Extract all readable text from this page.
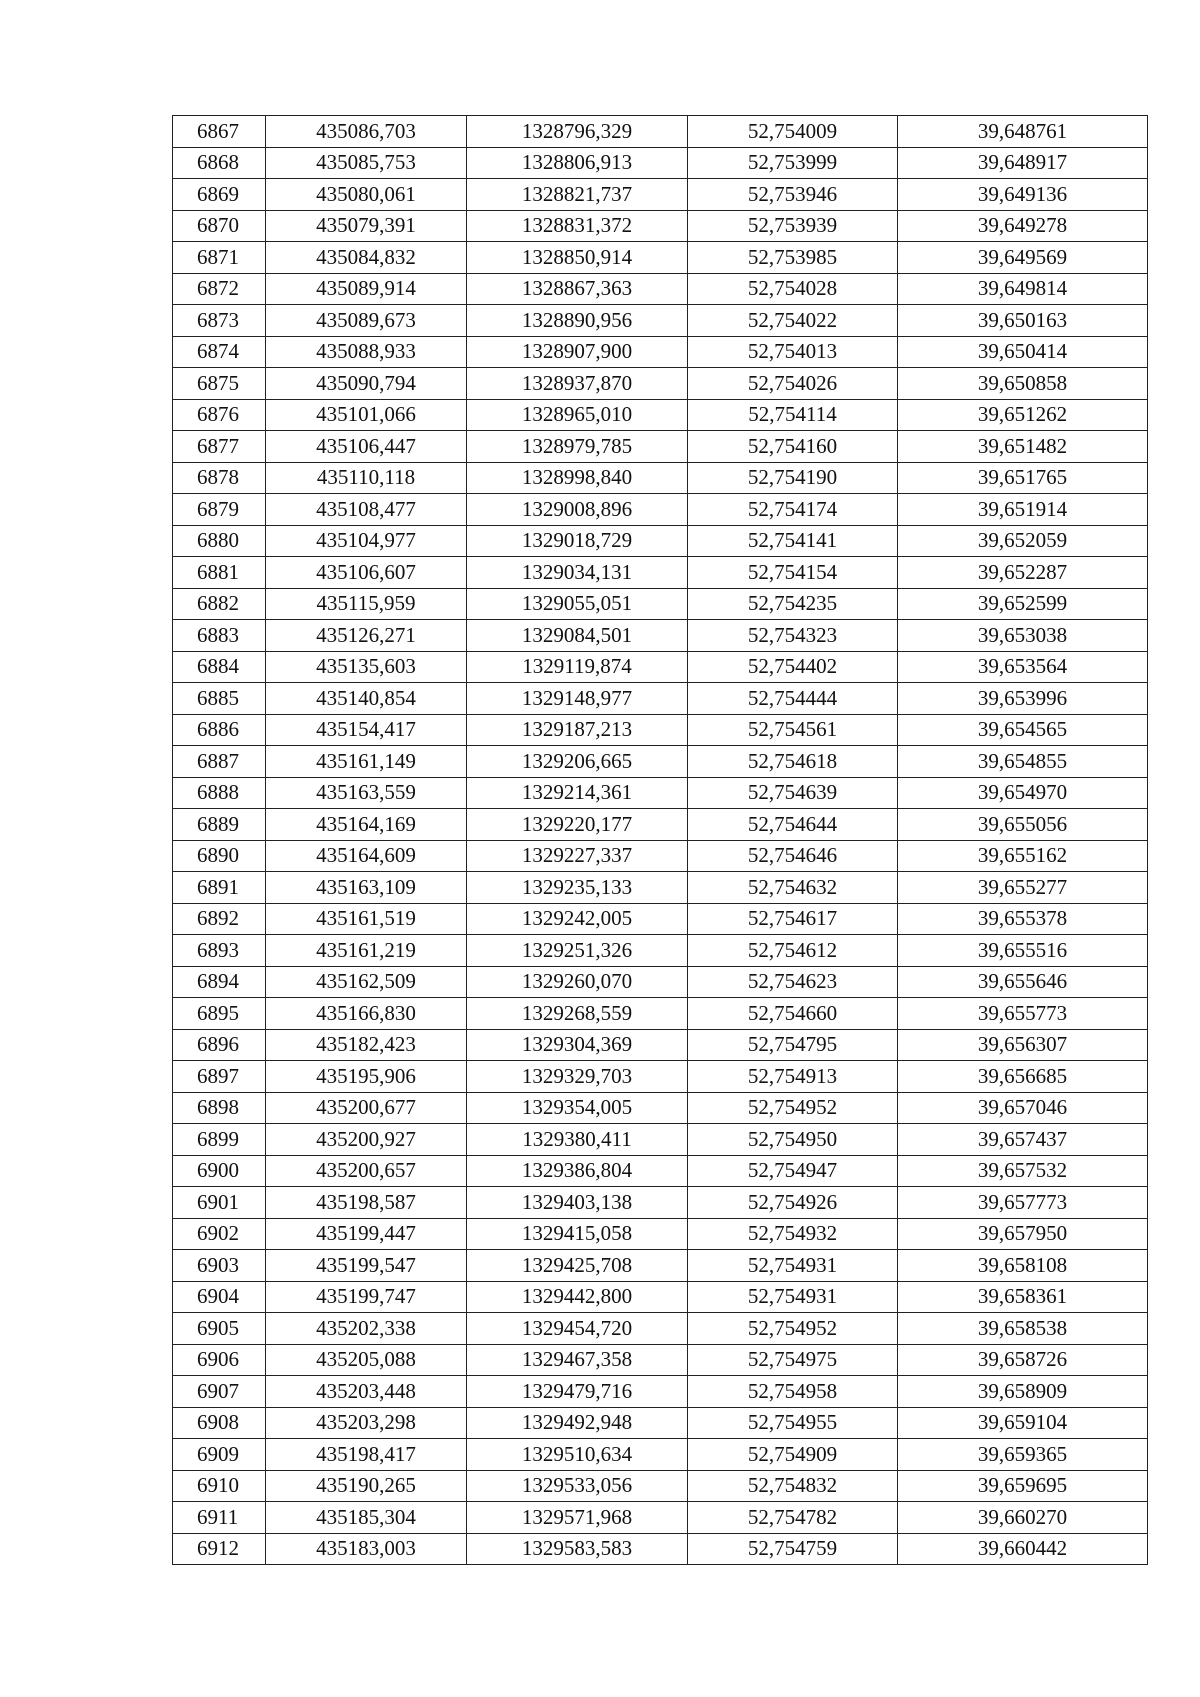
6867	435086,703	1328796,329	52,754009	39,648761
6868	435085,753	1328806,913	52,753999	39,648917
6869	435080,061	1328821,737	52,753946	39,649136
6870	435079,391	1328831,372	52,753939	39,649278
6871	435084,832	1328850,914	52,753985	39,649569
6872	435089,914	1328867,363	52,754028	39,649814
6873	435089,673	1328890,956	52,754022	39,650163
6874	435088,933	1328907,900	52,754013	39,650414
6875	435090,794	1328937,870	52,754026	39,650858
6876	435101,066	1328965,010	52,754114	39,651262
6877	435106,447	1328979,785	52,754160	39,651482
6878	435110,118	1328998,840	52,754190	39,651765
6879	435108,477	1329008,896	52,754174	39,651914
6880	435104,977	1329018,729	52,754141	39,652059
6881	435106,607	1329034,131	52,754154	39,652287
6882	435115,959	1329055,051	52,754235	39,652599
6883	435126,271	1329084,501	52,754323	39,653038
6884	435135,603	1329119,874	52,754402	39,653564
6885	435140,854	1329148,977	52,754444	39,653996
6886	435154,417	1329187,213	52,754561	39,654565
6887	435161,149	1329206,665	52,754618	39,654855
6888	435163,559	1329214,361	52,754639	39,654970
6889	435164,169	1329220,177	52,754644	39,655056
6890	435164,609	1329227,337	52,754646	39,655162
6891	435163,109	1329235,133	52,754632	39,655277
6892	435161,519	1329242,005	52,754617	39,655378
6893	435161,219	1329251,326	52,754612	39,655516
6894	435162,509	1329260,070	52,754623	39,655646
6895	435166,830	1329268,559	52,754660	39,655773
6896	435182,423	1329304,369	52,754795	39,656307
6897	435195,906	1329329,703	52,754913	39,656685
6898	435200,677	1329354,005	52,754952	39,657046
6899	435200,927	1329380,411	52,754950	39,657437
6900	435200,657	1329386,804	52,754947	39,657532
6901	435198,587	1329403,138	52,754926	39,657773
6902	435199,447	1329415,058	52,754932	39,657950
6903	435199,547	1329425,708	52,754931	39,658108
6904	435199,747	1329442,800	52,754931	39,658361
6905	435202,338	1329454,720	52,754952	39,658538
6906	435205,088	1329467,358	52,754975	39,658726
6907	435203,448	1329479,716	52,754958	39,658909
6908	435203,298	1329492,948	52,754955	39,659104
6909	435198,417	1329510,634	52,754909	39,659365
6910	435190,265	1329533,056	52,754832	39,659695
6911	435185,304	1329571,968	52,754782	39,660270
6912	435183,003	1329583,583	52,754759	39,660442
